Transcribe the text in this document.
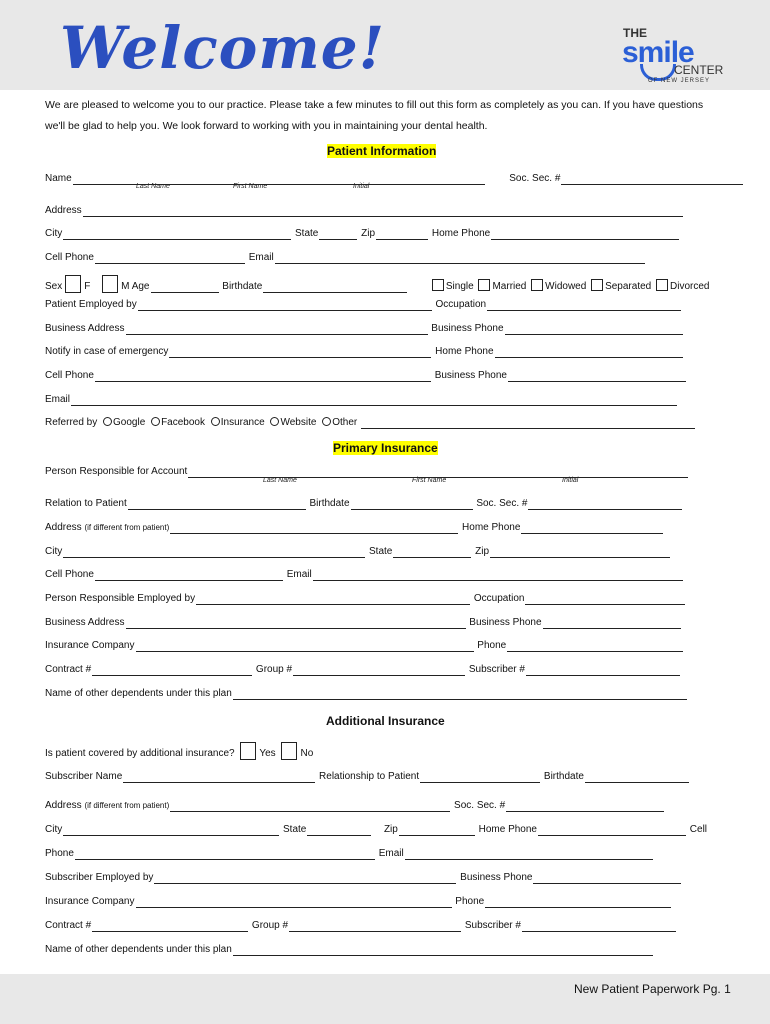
Welcome!	THE
smile
CENTER
OF NEW JERSEY
We are pleased to welcome you to our practice. Please take a few minutes to fill out this form as completely as you can. If you have questions we'll be glad to help you. We look forward to working with you in maintaining your dental health.
Patient Information
Name	Soc. Sec. #
Last Name	First Name	Initial
Address
City	State	Zip	Home Phone
Cell Phone	Email
Sex F	M Age	Birthdate	Single Married Widowed Separated Divorced
Patient Employed by	Occupation
Business Address	Business Phone
Notify in case of emergency	Home Phone
Cell Phone	Business Phone
Email
Referred by Google Facebook Insurance Website Other
Primary Insurance
Person Responsible for Account
Last Name	First Name	Initial
Relation to Patient	Birthdate	Soc. Sec. #
Address (if different from patient)	Home Phone
City	State	Zip
Cell Phone	Email
Person Responsible Employed by	Occupation
Business Address	Business Phone
Insurance Company	Phone
Contract #	Group #	Subscriber #
Name of other dependents under this plan
Additional Insurance
Is patient covered by additional insurance? Yes No
Subscriber Name	Relationship to Patient	Birthdate
Address (if different from patient)	Soc. Sec. #
City	State	Zip	Home Phone	Cell
Phone	Email
Subscriber Employed by	Business Phone
Insurance Company	Phone
Contract #	Group #	Subscriber #
Name of other dependents under this plan
New Patient Paperwork Pg. 1
